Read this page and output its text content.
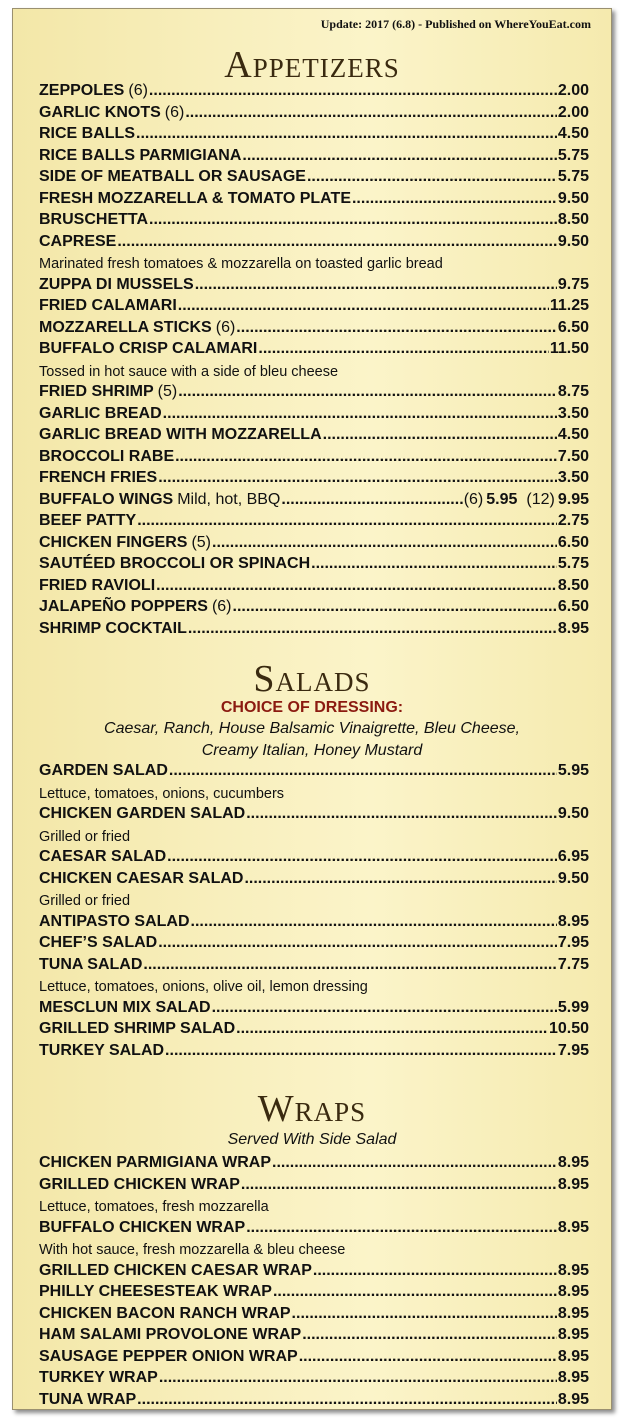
Update: 2017 (6.8) - Published on WhereYouEat.com
Appetizers
ZEPPOLES (6) .....	2.00
GARLIC KNOTS (6) .....	2.00
RICE BALLS .....	4.50
RICE BALLS PARMIGIANA .....	5.75
SIDE OF MEATBALL OR SAUSAGE .....	5.75
FRESH MOZZARELLA & TOMATO PLATE .....	9.50
BRUSCHETTA .....	8.50
CAPRESE .....	9.50
Marinated fresh tomatoes & mozzarella on toasted garlic bread
ZUPPA DI MUSSELS .....	9.75
FRIED CALAMARI .....	11.25
MOZZARELLA STICKS (6) .....	6.50
BUFFALO CRISP CALAMARI .....	11.50
Tossed in hot sauce with a side of bleu cheese
FRIED SHRIMP (5) .....	8.75
GARLIC BREAD .....	3.50
GARLIC BREAD WITH MOZZARELLA .....	4.50
BROCCOLI RABE .....	7.50
FRENCH FRIES .....	3.50
BUFFALO WINGS Mild, hot, BBQ .....	(6) 5.95 (12) 9.95
BEEF PATTY .....	2.75
CHICKEN FINGERS (5) .....	6.50
SAUTÉED BROCCOLI OR SPINACH .....	5.75
FRIED RAVIOLI .....	8.50
JALAPEÑO POPPERS (6) .....	6.50
SHRIMP COCKTAIL .....	8.95
Salads
CHOICE OF DRESSING:
Caesar, Ranch, House Balsamic Vinaigrette, Bleu Cheese,
Creamy Italian, Honey Mustard
GARDEN SALAD .....	5.95
Lettuce, tomatoes, onions, cucumbers
CHICKEN GARDEN SALAD .....	9.50
Grilled or fried
CAESAR SALAD .....	6.95
CHICKEN CAESAR SALAD .....	9.50
Grilled or fried
ANTIPASTO SALAD .....	8.95
CHEF’S SALAD .....	7.95
TUNA SALAD .....	7.75
Lettuce, tomatoes, onions, olive oil, lemon dressing
MESCLUN MIX SALAD .....	5.99
GRILLED SHRIMP SALAD .....	10.50
TURKEY SALAD .....	7.95
Wraps
Served With Side Salad
CHICKEN PARMIGIANA WRAP .....	8.95
GRILLED CHICKEN WRAP .....	8.95
Lettuce, tomatoes, fresh mozzarella
BUFFALO CHICKEN WRAP .....	8.95
With hot sauce, fresh mozzarella & bleu cheese
GRILLED CHICKEN CAESAR WRAP .....	8.95
PHILLY CHEESESTEAK WRAP .....	8.95
CHICKEN BACON RANCH WRAP .....	8.95
HAM SALAMI PROVOLONE WRAP .....	8.95
SAUSAGE PEPPER ONION WRAP .....	8.95
TURKEY WRAP .....	8.95
TUNA WRAP .....	8.95
